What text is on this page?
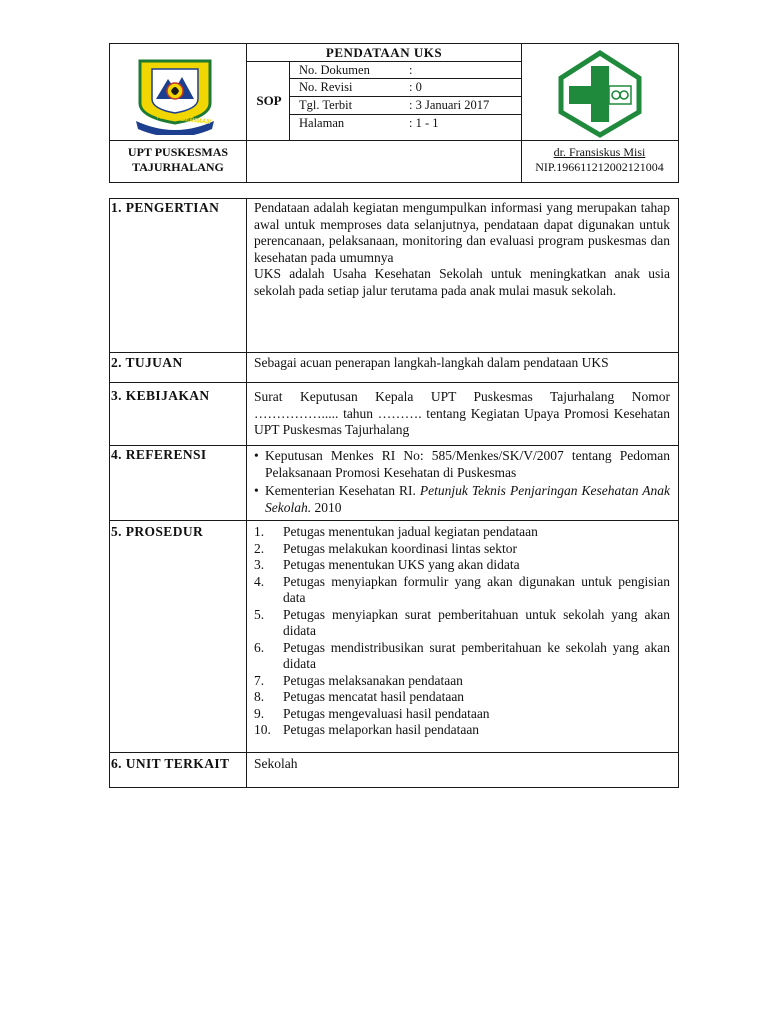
TEGAR BERIMAN
PENDATAAN UKS
SOP
No. Dokumen	:
No. Revisi	: 0
Tgl. Terbit	: 3 Januari 2017
Halaman	: 1 - 1
UPT PUSKESMAS
TAJURHALANG
dr. Fransiskus Misi
NIP.196611212002121004
1. PENGERTIAN	Pendataan adalah kegiatan mengumpulkan informasi yang merupakan tahap awal untuk memproses data selanjutnya, pendataan dapat digunakan untuk perencanaan, pelaksanaan, monitoring dan evaluasi program puskesmas dan kesehatan pada umumnya
UKS adalah Usaha Kesehatan Sekolah untuk meningkatkan anak usia sekolah pada setiap jalur terutama pada anak mulai masuk sekolah.
2. TUJUAN	Sebagai acuan penerapan langkah-langkah dalam pendataan UKS
3. KEBIJAKAN	Surat Keputusan Kepala UPT Puskesmas Tajurhalang Nomor ……………..... tahun ………. tentang Kegiatan Upaya Promosi Kesehatan UPT Puskesmas Tajurhalang
4. REFERENSI
•	Keputusan Menkes RI No: 585/Menkes/SK/V/2007 tentang Pedoman Pelaksanaan Promosi Kesehatan di Puskesmas
• Kementerian Kesehatan RI. Petunjuk Teknis Penjaringan Kesehatan Anak Sekolah. 2010
5. PROSEDUR	1.	Petugas menentukan jadual kegiatan pendataan
2.	Petugas melakukan koordinasi lintas sektor
3.	Petugas menentukan UKS yang akan didata
4.	Petugas menyiapkan formulir yang akan digunakan untuk pengisian data
5.	Petugas menyiapkan surat pemberitahuan untuk sekolah yang akan didata
6.	Petugas mendistribusikan surat pemberitahuan ke sekolah yang akan didata
7.	Petugas melaksanakan pendataan
8.	Petugas mencatat hasil pendataan
9.	Petugas mengevaluasi hasil pendataan
10. Petugas melaporkan hasil pendataan
6. UNIT TERKAIT Sekolah
